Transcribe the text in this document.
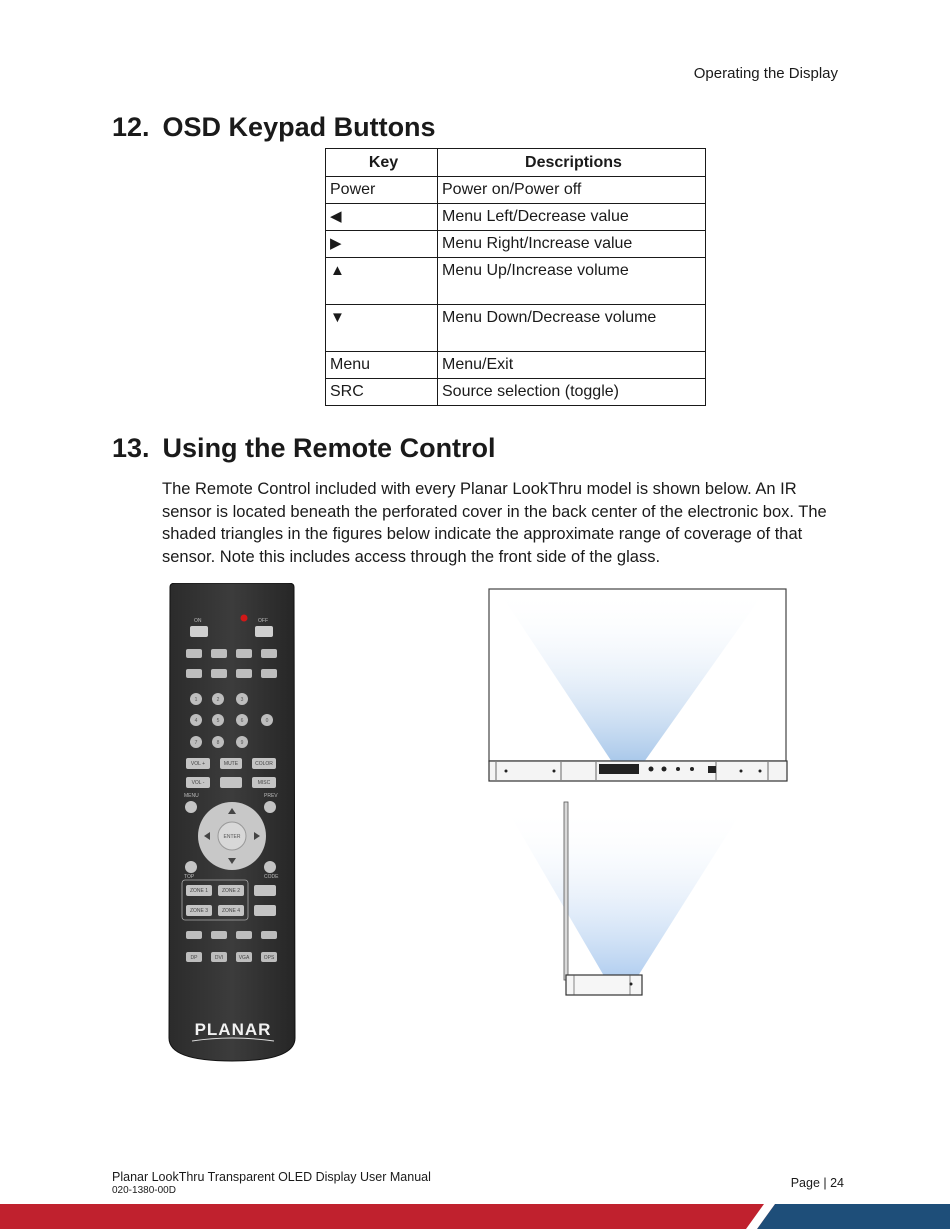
Operating the Display
12. OSD Keypad Buttons
Key	Descriptions
Power	Power on/Power off
◀	Menu Left/Decrease value
▶	Menu Right/Increase value
▲	Menu Up/Increase volume
▼	Menu Down/Decrease volume
Menu	Menu/Exit
SRC	Source selection (toggle)
13. Using the Remote Control

The Remote Control included with every Planar LookThru model is shown below. An IR sensor is located beneath the perforated cover in the back center of the electronic box. The shaded triangles in the figures below indicate the approximate range of coverage of that sensor. Note this includes access through the front side of the glass.

ON	OFF
1	2	3
4	5	6	0
7	8	9
VOL +	MUTE	COLOR
VOL -	MISC
MENU	PREV
TOP	CODE
ENTER
ZONE 1	ZONE 2
ZONE 3	ZONE 4
DP	DVI	VGA	OPS
PLANAR
Planar LookThru Transparent OLED Display User Manual
020-1380-00D
Page | 24
